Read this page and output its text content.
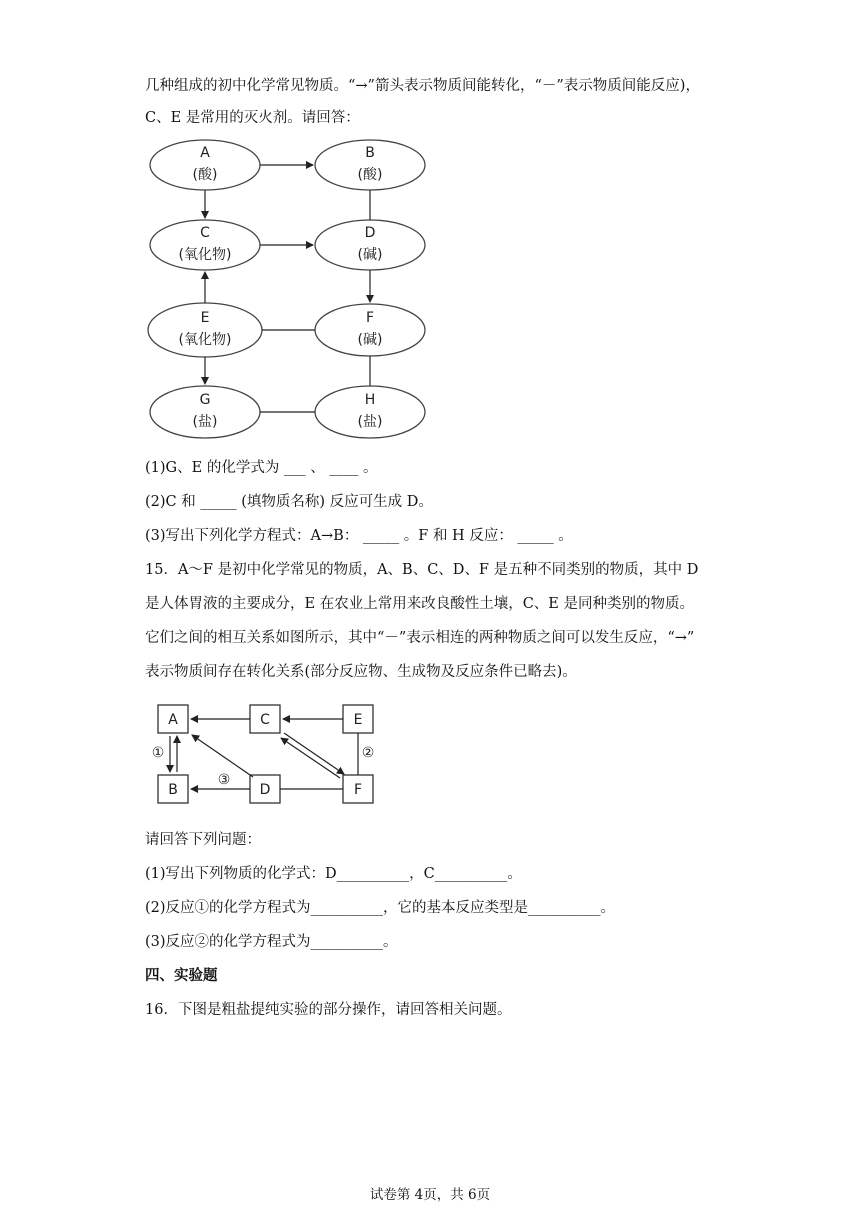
几种组成的初中化学常见物质。“→”箭头表示物质间能转化，“－”表示物质间能反应)，
C、E 是常用的灭火剂。请回答：
A
(酸)
B
(酸)
C
(氧化物)
D
(碱)
E
(氧化物)
F
(碱)
G
(盐)
H
(盐)
(1)G、E 的化学式为 ___ 、 ____ 。
(2)C 和 _____ (填物质名称) 反应可生成 D。
(3)写出下列化学方程式：A→B： _____ 。F 和 H 反应： _____ 。
15．A～F 是初中化学常见的物质，A、B、C、D、F 是五种不同类别的物质，其中 D
是人体胃液的主要成分，E 在农业上常用来改良酸性土壤，C、E 是同种类别的物质。
它们之间的相互关系如图所示，其中“－”表示相连的两种物质之间可以发生反应，“→”
表示物质间存在转化关系(部分反应物、生成物及反应条件已略去)。
A	C	E
B	D	F
①	②
③
请回答下列问题：
(1)写出下列物质的化学式：D__________，C__________。
(2)反应①的化学方程式为__________，它的基本反应类型是__________。
(3)反应②的化学方程式为__________。
四、实验题
16．下图是粗盐提纯实验的部分操作，请回答相关问题。
试卷第 4页，共 6页
